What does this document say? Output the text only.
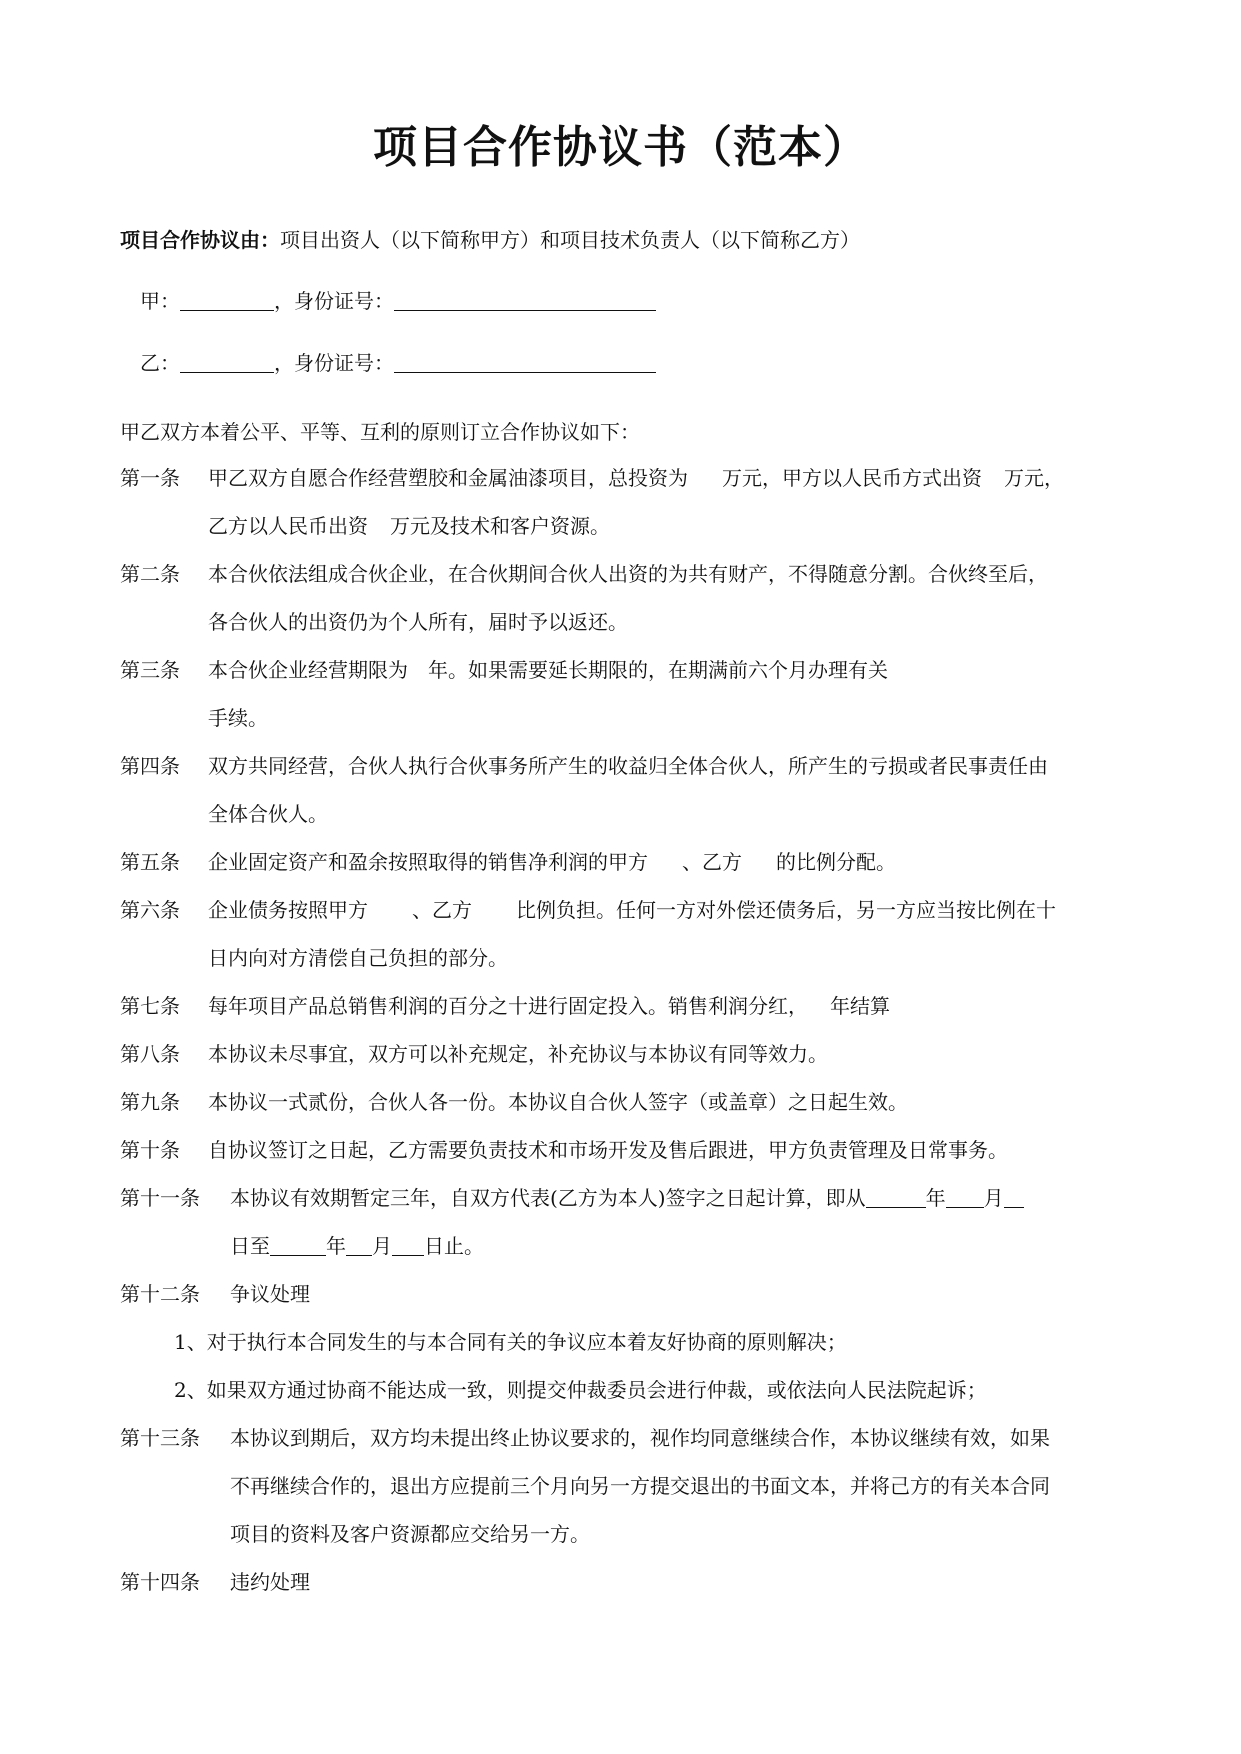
项目合作协议书（范本）
项目合作协议由：项目出资人（以下简称甲方）和项目技术负责人（以下简称乙方）
甲：	，身份证号：
乙：	，身份证号：
甲乙双方本着公平、平等、互利的原则订立合作协议如下：
第一条 甲乙双方自愿合作经营塑胶和金属油漆项目，总投资为 万元，甲方以人民币方式出资 万元，
乙方以人民币出资 万元及技术和客户资源。
第二条 本合伙依法组成合伙企业，在合伙期间合伙人出资的为共有财产，不得随意分割。合伙终至后，
各合伙人的出资仍为个人所有，届时予以返还。
第三条 本合伙企业经营期限为 年。如果需要延长期限的，在期满前六个月办理有关
手续。
第四条 双方共同经营，合伙人执行合伙事务所产生的收益归全体合伙人，所产生的亏损或者民事责任由
全体合伙人。
第五条 企业固定资产和盈余按照取得的销售净利润的甲方 、乙方 的比例分配。
第六条 企业债务按照甲方 、乙方 比例负担。任何一方对外偿还债务后，另一方应当按比例在十
日内向对方清偿自己负担的部分。
第七条 每年项目产品总销售利润的百分之十进行固定投入。销售利润分红， 年结算
第八条 本协议未尽事宜，双方可以补充规定，补充协议与本协议有同等效力。
第九条 本协议一式贰份，合伙人各一份。本协议自合伙人签字（或盖章）之日起生效。
第十条 自协议签订之日起，乙方需要负责技术和市场开发及售后跟进，甲方负责管理及日常事务。
第十一条 本协议有效期暂定三年，自双方代表(乙方为本人)签字之日起计算，即从	年 月
日至	年 月 日止。
第十二条 争议处理
1、对于执行本合同发生的与本合同有关的争议应本着友好协商的原则解决；
2、如果双方通过协商不能达成一致，则提交仲裁委员会进行仲裁，或依法向人民法院起诉；
第十三条 本协议到期后，双方均未提出终止协议要求的，视作均同意继续合作，本协议继续有效，如果
不再继续合作的，退出方应提前三个月向另一方提交退出的书面文本，并将己方的有关本合同
项目的资料及客户资源都应交给另一方。
第十四条 违约处理
